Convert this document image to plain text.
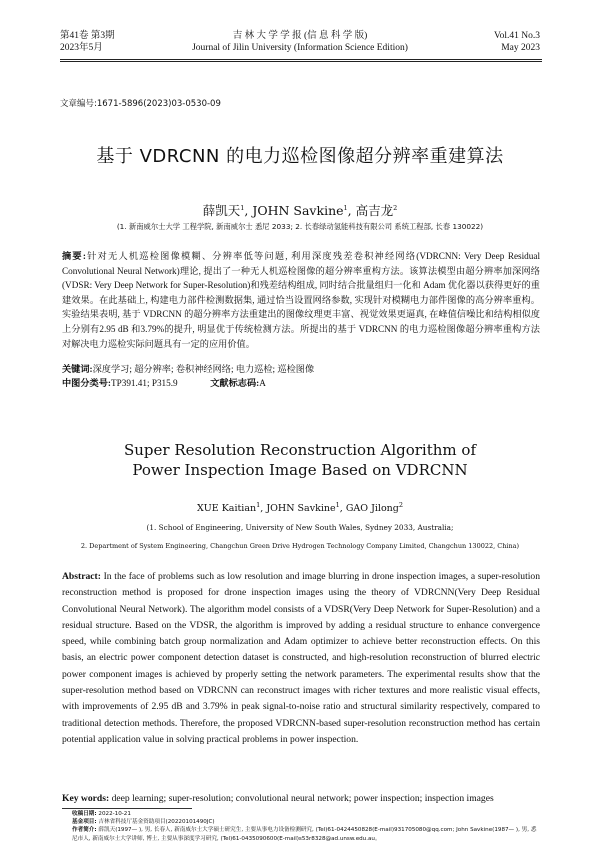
第41卷 第3期
2023年5月
吉 林 大 学 学 报 (信 息 科 学 版)
Journal of Jilin University (Information Science Edition)
Vol.41 No.3
May 2023
文章编号:1671-5896(2023)03-0530-09
基于 VDRCNN 的电力巡检图像超分辨率重建算法
薛凯天$^1$, JOHN Savkine$^1$, 高吉龙$^2$
(1. 新南威尔士大学 工程学院, 新南威尔士 悉尼 2033; 2. 长春绿动氢能科技有限公司 系统工程部, 长春 130022)
摘要:针对无人机巡检图像模糊、分辨率低等问题, 利用深度残差卷积神经网络(VDRCNN: Very Deep Residual Convolutional Neural Network)理论, 提出了一种无人机巡检图像的超分辨率重构方法。该算法模型由超分辨率加深网络(VDSR: Very Deep Network for Super-Resolution)和残差结构组成, 同时结合批量组归一化和 Adam 优化器以获得更好的重建效果。在此基础上, 构建电力部件检测数据集, 通过恰当设置网络参数, 实现针对模糊电力部件图像的高分辨率重构。实验结果表明, 基于 VDRCNN 的超分辨率方法重建出的图像纹理更丰富、视觉效果更逼真, 在峰值信噪比和结构相似度上分别有2.95 dB 和3.79%的提升, 明显优于传统检测方法。所提出的基于 VDRCNN 的电力巡检图像超分辨率重构方法对解决电力巡检实际问题具有一定的应用价值。
关键词:深度学习; 超分辨率; 卷积神经网络; 电力巡检; 巡检图像
中图分类号:TP391.41; P315.9	文献标志码:A
Super Resolution Reconstruction Algorithm of
Power Inspection Image Based on VDRCNN
XUE Kaitian$^1$, JOHN Savkine$^1$, GAO Jilong$^2$
(1. School of Engineering, University of New South Wales, Sydney 2033, Australia;
2. Department of System Engineering, Changchun Green Drive Hydrogen Technology Company Limited, Changchun 130022, China)
Abstract: In the face of problems such as low resolution and image blurring in drone inspection images, a super-resolution reconstruction method is proposed for drone inspection images using the theory of VDRCNN(Very Deep Residual Convolutional Neural Network). The algorithm model consists of a VDSR(Very Deep Network for Super-Resolution) and a residual structure. Based on the VDSR, the algorithm is improved by adding a residual structure to enhance convergence speed, while combining batch group normalization and Adam optimizer to achieve better reconstruction effects. On this basis, an electric power component detection dataset is constructed, and high-resolution reconstruction of blurred electric power component images is achieved by properly setting the network parameters. The experimental results show that the super-resolution method based on VDRCNN can reconstruct images with richer textures and more realistic visual effects, with improvements of 2.95 dB and 3.79% in peak signal-to-noise ratio and structural similarity respectively, compared to traditional detection methods. Therefore, the proposed VDRCNN-based super-resolution reconstruction method has certain potential application value in solving practical problems in power inspection.
Key words: deep learning; super-resolution; convolutional neural network; power inspection; inspection images
收稿日期: 2022-10-21
基金项目: 吉林省科技厅基金资助项目(20220101490JC)
作者简介: 薛凯天(1997— ), 男, 长春人, 新南威尔士大学硕士研究生, 主要从事电力设备检测研究, (Tel)61-0424450828(E-mail)931705080@qq.com; John Savkine(1987— ), 男, 悉尼市人, 新南威尔士大学讲师, 博士, 主要从事深度学习研究, (Tel)61-0435090600(E-mail)s53r8328@ad.unsw.edu.au。
